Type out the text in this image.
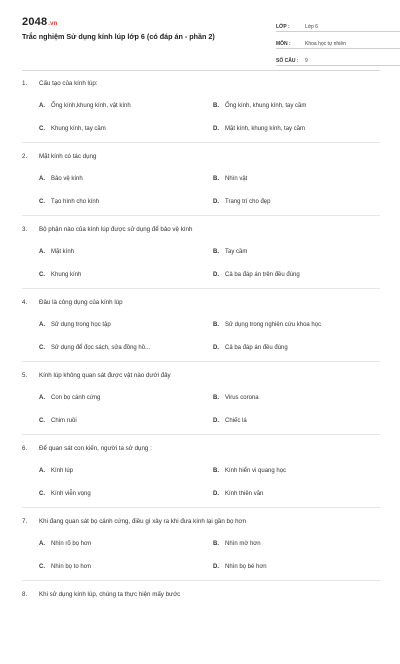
2048.vn
Trắc nghiệm Sử dụng kính lúp lớp 6 (có đáp án - phần 2)
LỚP :	Lớp 6
MÔN :	Khoa học tự nhiên
SỐ CÂU :	9
1.	Cấu tạo của kính lúp:
A.	Ống kính,khung kính, vật kính	B.	Ống kính, khung kính, tay cầm
C.	Khung kính, tay cầm	D.	Mặt kính, khung kính, tay cầm
2.	Mặt kính có tác dụng
A.	Bảo vệ kính	B.	Nhìn vật
C.	Tạo hình cho kính	D.	Trang trí cho đẹp
3.	Bộ phận nào của kính lúp được sử dụng để bảo vệ kính
A.	Mặt kính	B.	Tay cầm
C.	Khung kính	D.	Cả ba đáp án trên đều đúng
4.	Đâu là công dụng của kính lúp
A.	Sử dụng trong học tập	B.	Sử dụng trong nghiên cứu khoa học
C.	Sử dụng để đọc sách, sửa đồng hồ...	D.	Cả ba đáp án đều đúng
5.	Kính lúp không quan sát được vật nào dưới đây
A.	Con bọ cánh cứng	B.	Virus corona
C.	Chim ruồi	D.	Chiếc lá
6.	Để quan sát con kiến, người ta sử dụng :
A.	Kính lúp	B.	Kính hiển vi quang học
C.	Kính viễn vọng	D.	Kính thiên văn
7.	Khi đang quan sát bọ cánh cứng, điều gì xảy ra khi đưa kính lại gần bọ hơn
A.	Nhìn rõ bọ hơn	B.	Nhìn mờ hơn
C.	Nhìn bọ to hơn	D.	Nhìn bọ bé hơn
8.	Khi sử dụng kính lúp, chúng ta thực hiện mấy bước
